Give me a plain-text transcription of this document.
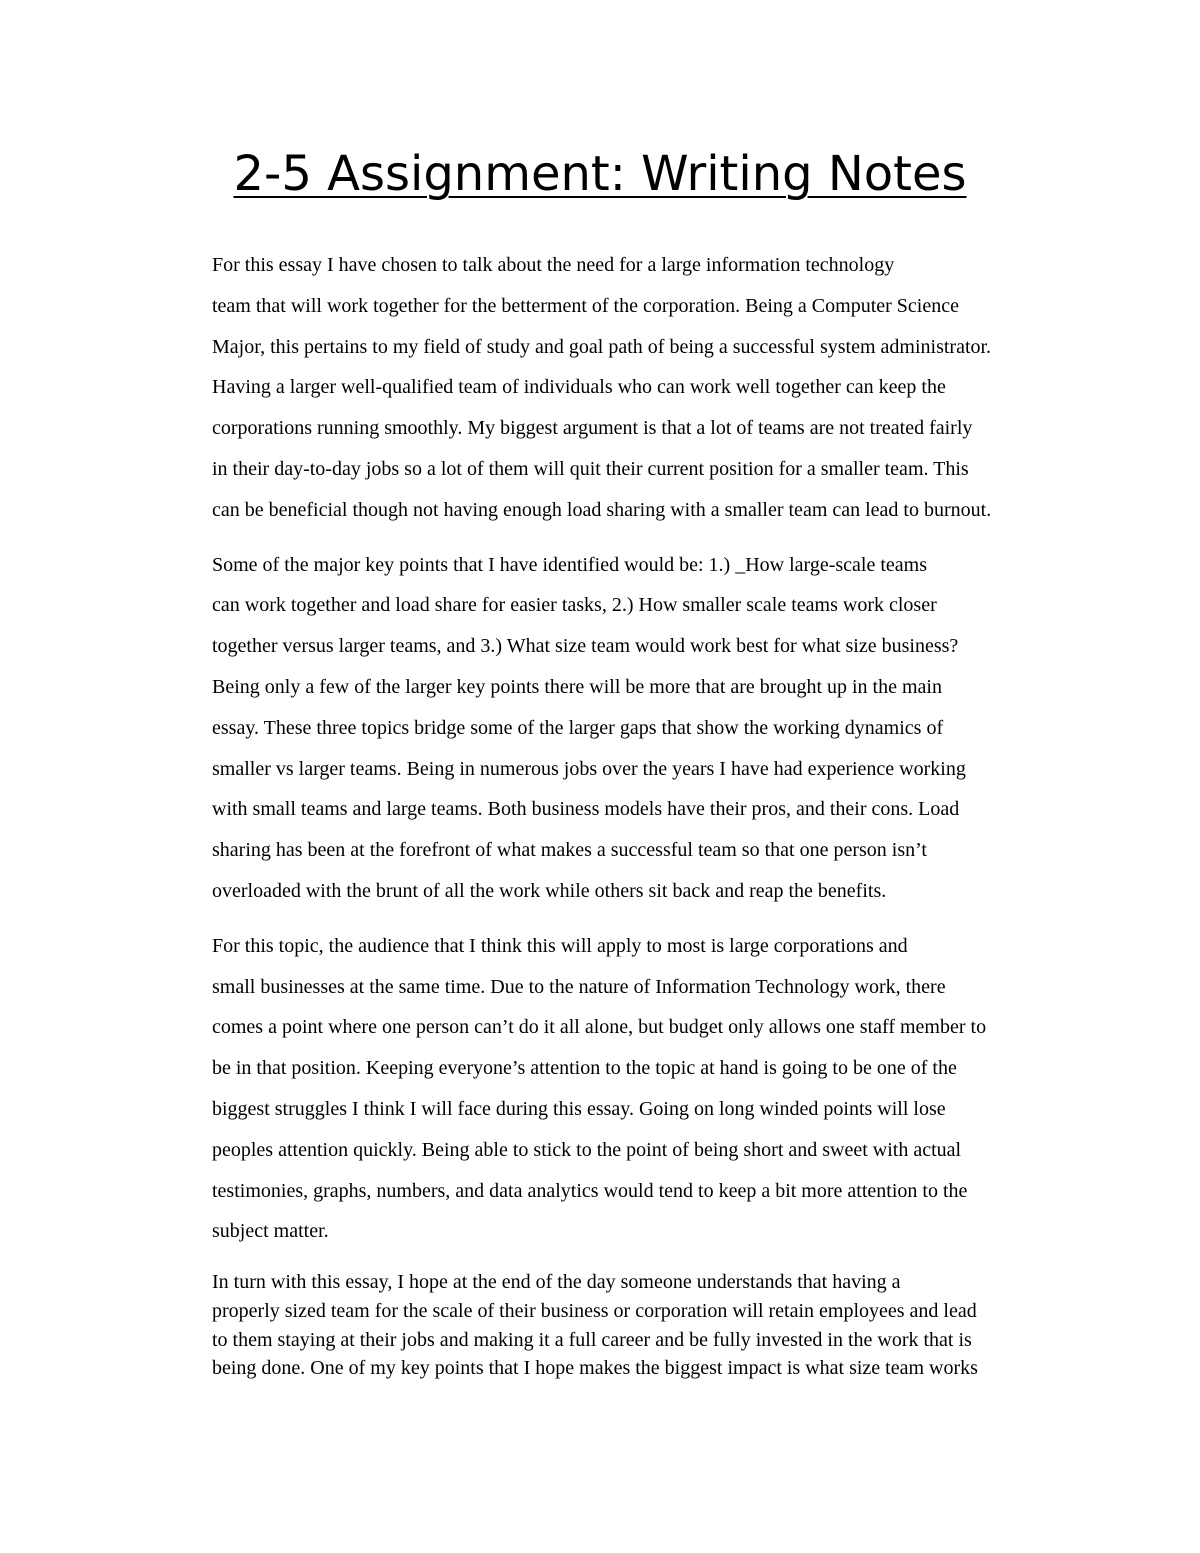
2-5 Assignment: Writing Notes

For this essay I have chosen to talk about the need for a large information technology
team that will work together for the betterment of the corporation. Being a Computer Science
Major, this pertains to my field of study and goal path of being a successful system administrator.
Having a larger well-qualified team of individuals who can work well together can keep the
corporations running smoothly. My biggest argument is that a lot of teams are not treated fairly
in their day-to-day jobs so a lot of them will quit their current position for a smaller team. This
can be beneficial though not having enough load sharing with a smaller team can lead to burnout.

Some of the major key points that I have identified would be: 1.) _How large-scale teams
can work together and load share for easier tasks, 2.) How smaller scale teams work closer
together versus larger teams, and 3.) What size team would work best for what size business?
Being only a few of the larger key points there will be more that are brought up in the main
essay. These three topics bridge some of the larger gaps that show the working dynamics of
smaller vs larger teams. Being in numerous jobs over the years I have had experience working
with small teams and large teams. Both business models have their pros, and their cons. Load
sharing has been at the forefront of what makes a successful team so that one person isn’t
overloaded with the brunt of all the work while others sit back and reap the benefits.

For this topic, the audience that I think this will apply to most is large corporations and
small businesses at the same time. Due to the nature of Information Technology work, there
comes a point where one person can’t do it all alone, but budget only allows one staff member to
be in that position. Keeping everyone’s attention to the topic at hand is going to be one of the
biggest struggles I think I will face during this essay. Going on long winded points will lose
peoples attention quickly. Being able to stick to the point of being short and sweet with actual
testimonies, graphs, numbers, and data analytics would tend to keep a bit more attention to the
subject matter.

In turn with this essay, I hope at the end of the day someone understands that having a
properly sized team for the scale of their business or corporation will retain employees and lead
to them staying at their jobs and making it a full career and be fully invested in the work that is
being done. One of my key points that I hope makes the biggest impact is what size team works
